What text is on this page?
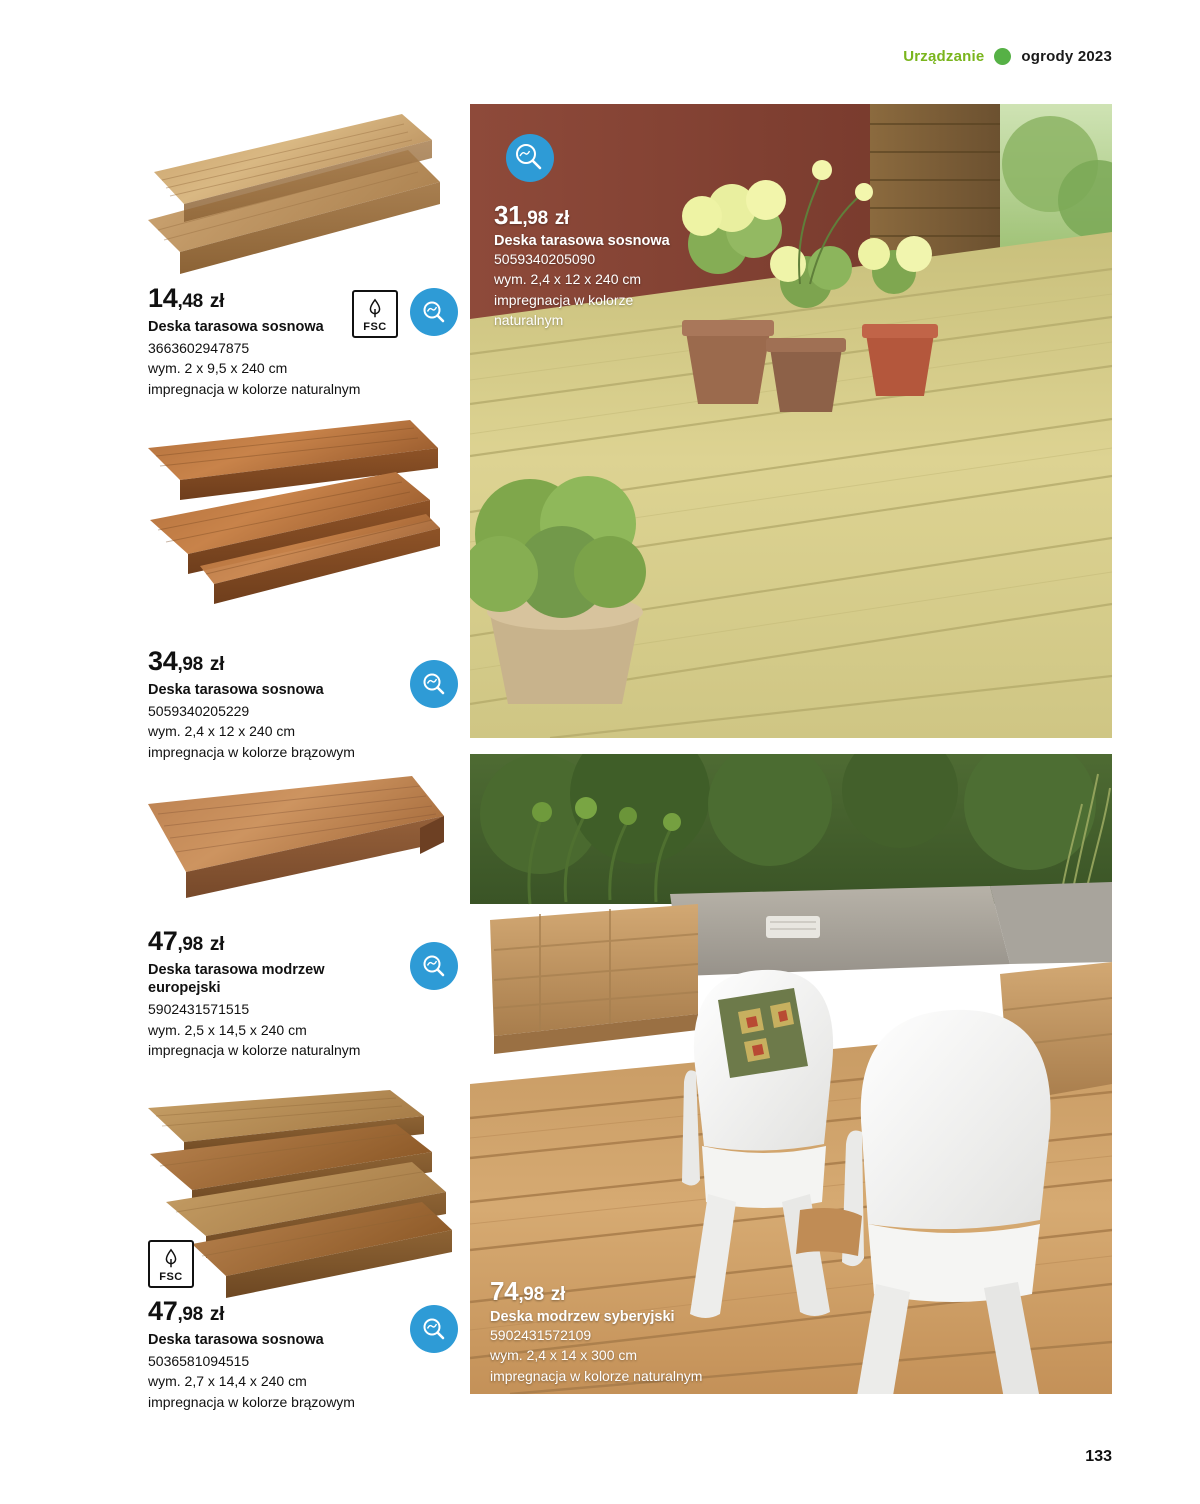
Urządzanie ogrody 2023
14,48 zł
Deska tarasowa sosnowa
3663602947875
wym. 2 x 9,5 x 240 cm
impregnacja w kolorze naturalnym
FSC
34,98 zł
Deska tarasowa sosnowa
5059340205229
wym. 2,4 x 12 x 240 cm
impregnacja w kolorze brązowym
47,98 zł
Deska tarasowa modrzew europejski
5902431571515
wym. 2,5 x 14,5 x 240 cm
impregnacja w kolorze naturalnym
FSC
47,98 zł
Deska tarasowa sosnowa
5036581094515
wym. 2,7 x 14,4 x 240 cm
impregnacja w kolorze brązowym
31,98 zł
Deska tarasowa sosnowa
5059340205090
wym. 2,4 x 12 x 240 cm
impregnacja w kolorze
naturalnym
74,98 zł
Deska modrzew syberyjski
5902431572109
wym. 2,4 x 14 x 300 cm
impregnacja w kolorze naturalnym
133
